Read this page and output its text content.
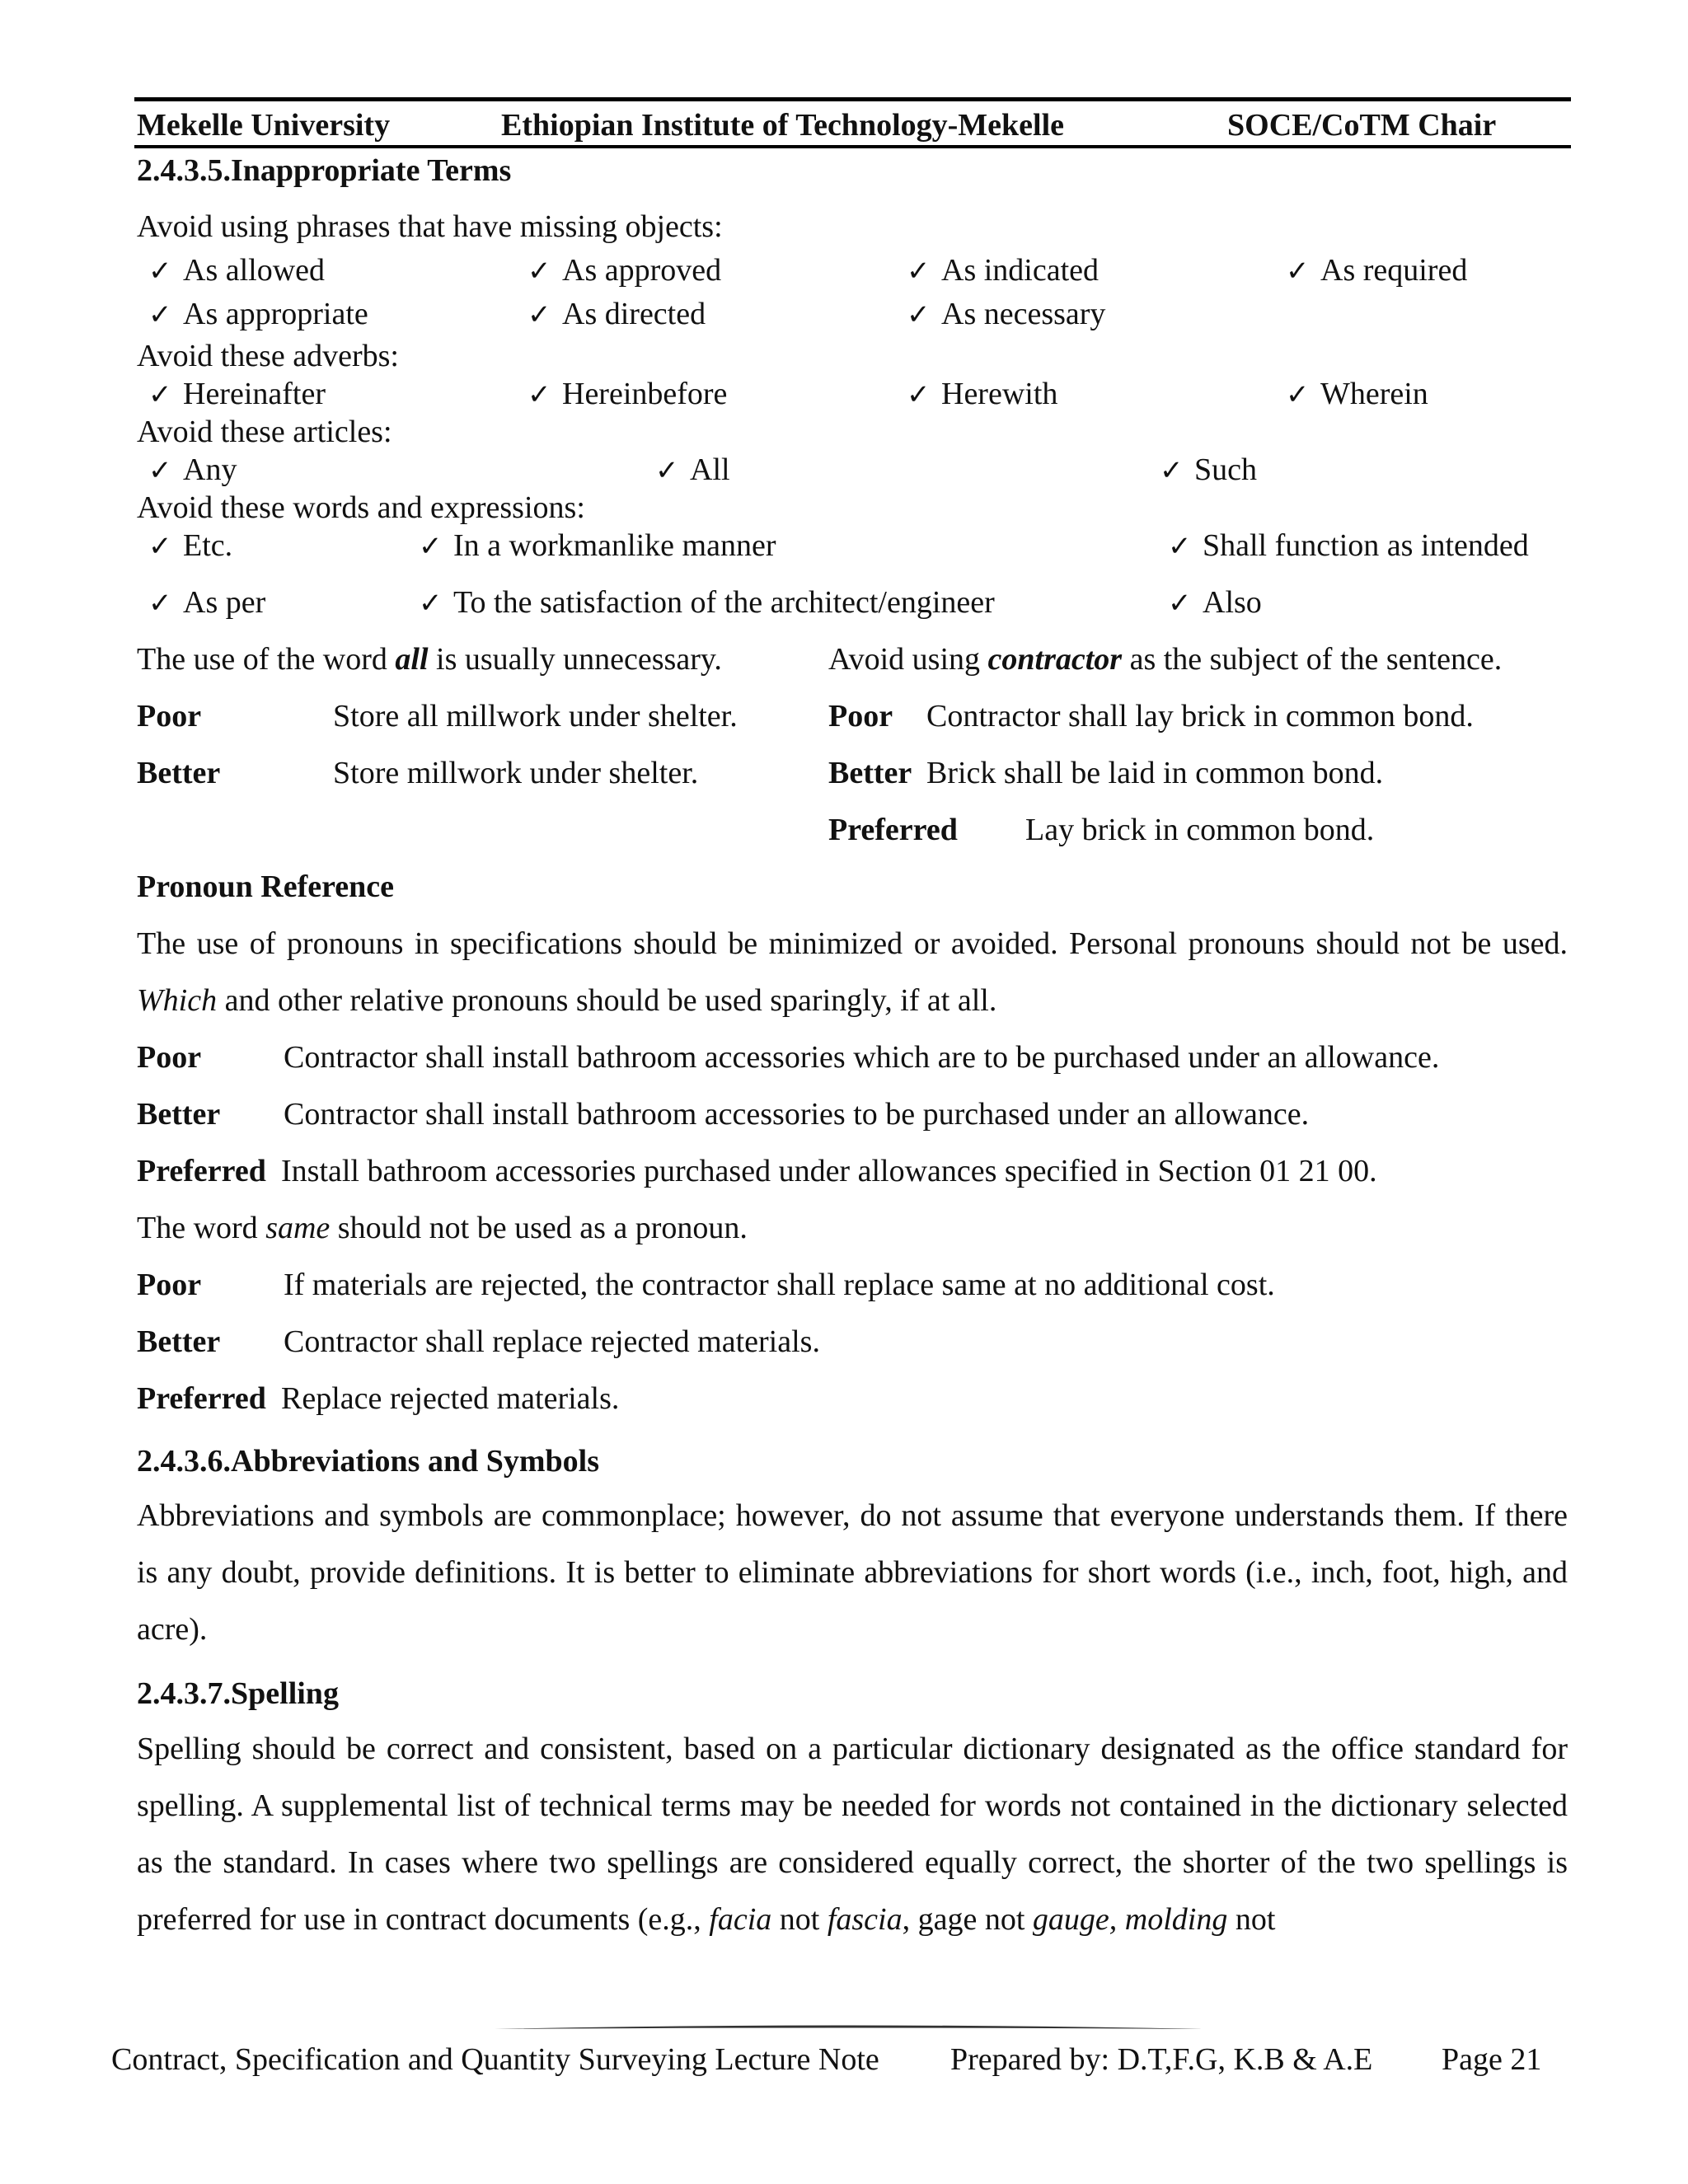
Mekelle University	Ethiopian Institute of Technology-Mekelle	SOCE/CoTM Chair
2.4.3.5.Inappropriate Terms
Avoid using phrases that have missing objects:
✓ As allowed	✓ As approved	✓ As indicated	✓ As required
✓ As appropriate	✓ As directed	✓ As necessary
Avoid these adverbs:
✓ Hereinafter	✓ Hereinbefore	✓ Herewith	✓ Wherein
Avoid these articles:
✓ Any	✓ All	✓ Such
Avoid these words and expressions:
✓ Etc.	✓ In a workmanlike manner	✓ Shall function as intended
✓ As per	✓ To the satisfaction of the architect/engineer	✓ Also
The use of the word all is usually unnecessary.
Poor	Store all millwork under shelter.
Better	Store millwork under shelter.
Avoid using contractor as the subject of the sentence.
Poor Contractor shall lay brick in common bond.
Better Brick shall be laid in common bond.
Preferred Lay brick in common bond.
Pronoun Reference
The use of pronouns in specifications should be minimized or avoided. Personal pronouns should not be used. Which and other relative pronouns should be used sparingly, if at all.
Poor	Contractor shall install bathroom accessories which are to be purchased under an allowance.
Better Contractor shall install bathroom accessories to be purchased under an allowance.
Preferred Install bathroom accessories purchased under allowances specified in Section 01 21 00.
The word same should not be used as a pronoun.
Poor	If materials are rejected, the contractor shall replace same at no additional cost.
Better Contractor shall replace rejected materials.
Preferred Replace rejected materials.
2.4.3.6.Abbreviations and Symbols
Abbreviations and symbols are commonplace; however, do not assume that everyone understands them. If there is any doubt, provide definitions. It is better to eliminate abbreviations for short words (i.e., inch, foot, high, and acre).
2.4.3.7.Spelling
Spelling should be correct and consistent, based on a particular dictionary designated as the office standard for spelling. A supplemental list of technical terms may be needed for words not contained in the dictionary selected as the standard. In cases where two spellings are considered equally correct, the shorter of the two spellings is preferred for use in contract documents (e.g., facia not fascia, gage not gauge, molding not
Contract, Specification and Quantity Surveying Lecture Note Prepared by: D.T,F.G, K.B & A.E Page 21
